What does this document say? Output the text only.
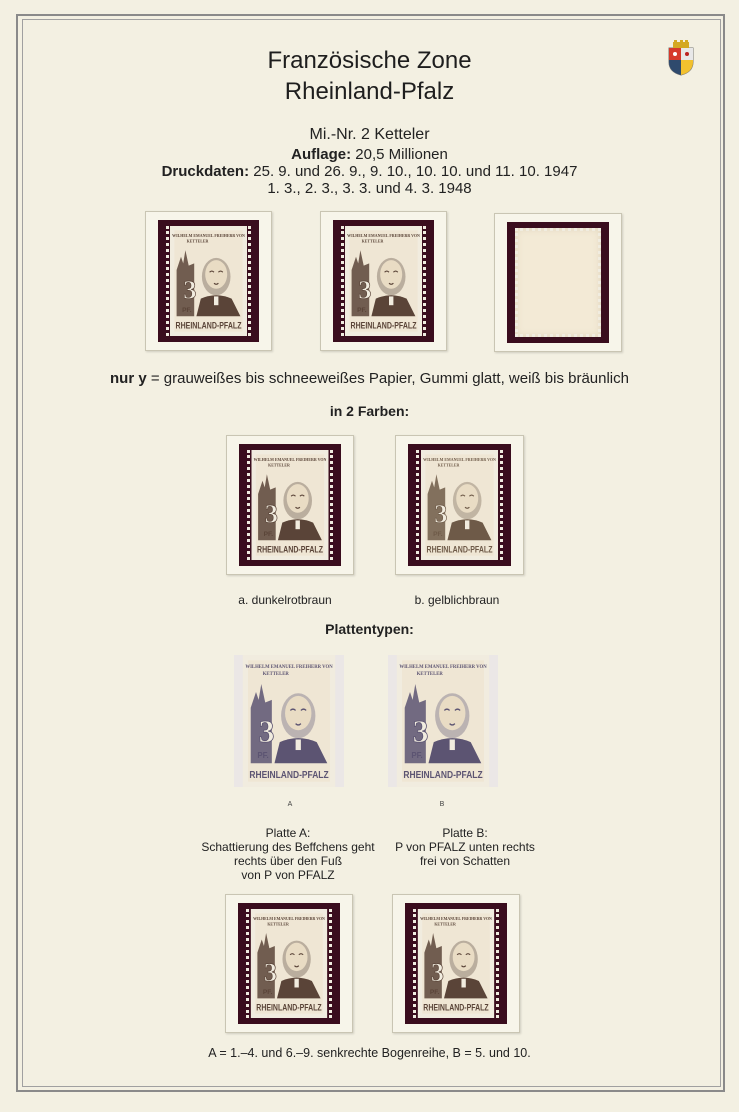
Französische Zone
Rheinland-Pfalz
Mi.-Nr. 2 Ketteler
Auflage: 20,5 Millionen
Druckdaten: 25. 9. und 26. 9., 9. 10., 10. 10. und 11. 10. 1947
1. 3., 2. 3., 3. 3. und 4. 3. 1948
nur y = grauweißes bis schneeweißes Papier, Gummi glatt, weiß bis bräunlich
in 2 Farben:
a. dunkelrotbraun	b. gelblichbraun
Plattentypen:
A	B
Platte A:
Schattierung des Beffchens geht
rechts über den Fuß
von P von PFALZ
Platte B:
P von PFALZ unten rechts
frei von Schatten
A = 1.–4. und 6.–9. senkrechte Bogenreihe, B = 5. und 10.
3
PF.
WILHELM EMANUEL FREIHERR VON
KETTELER
RHEINLAND-PFALZ
3
PF.
WILHELM EMANUEL FREIHERR VON
KETTELER
RHEINLAND-PFALZ
3
PF.
WILHELM EMANUEL FREIHERR VON
KETTELER
RHEINLAND-PFALZ
3
PF.
WILHELM EMANUEL FREIHERR VON
KETTELER
RHEINLAND-PFALZ
3
PF.
WILHELM EMANUEL FREIHERR VON
KETTELER
RHEINLAND-PFALZ
3
PF.
WILHELM EMANUEL FREIHERR VON
KETTELER
RHEINLAND-PFALZ
3
PF.
WILHELM EMANUEL FREIHERR VON
KETTELER
RHEINLAND-PFALZ
3
PF.
WILHELM EMANUEL FREIHERR VON
KETTELER
RHEINLAND-PFALZ
